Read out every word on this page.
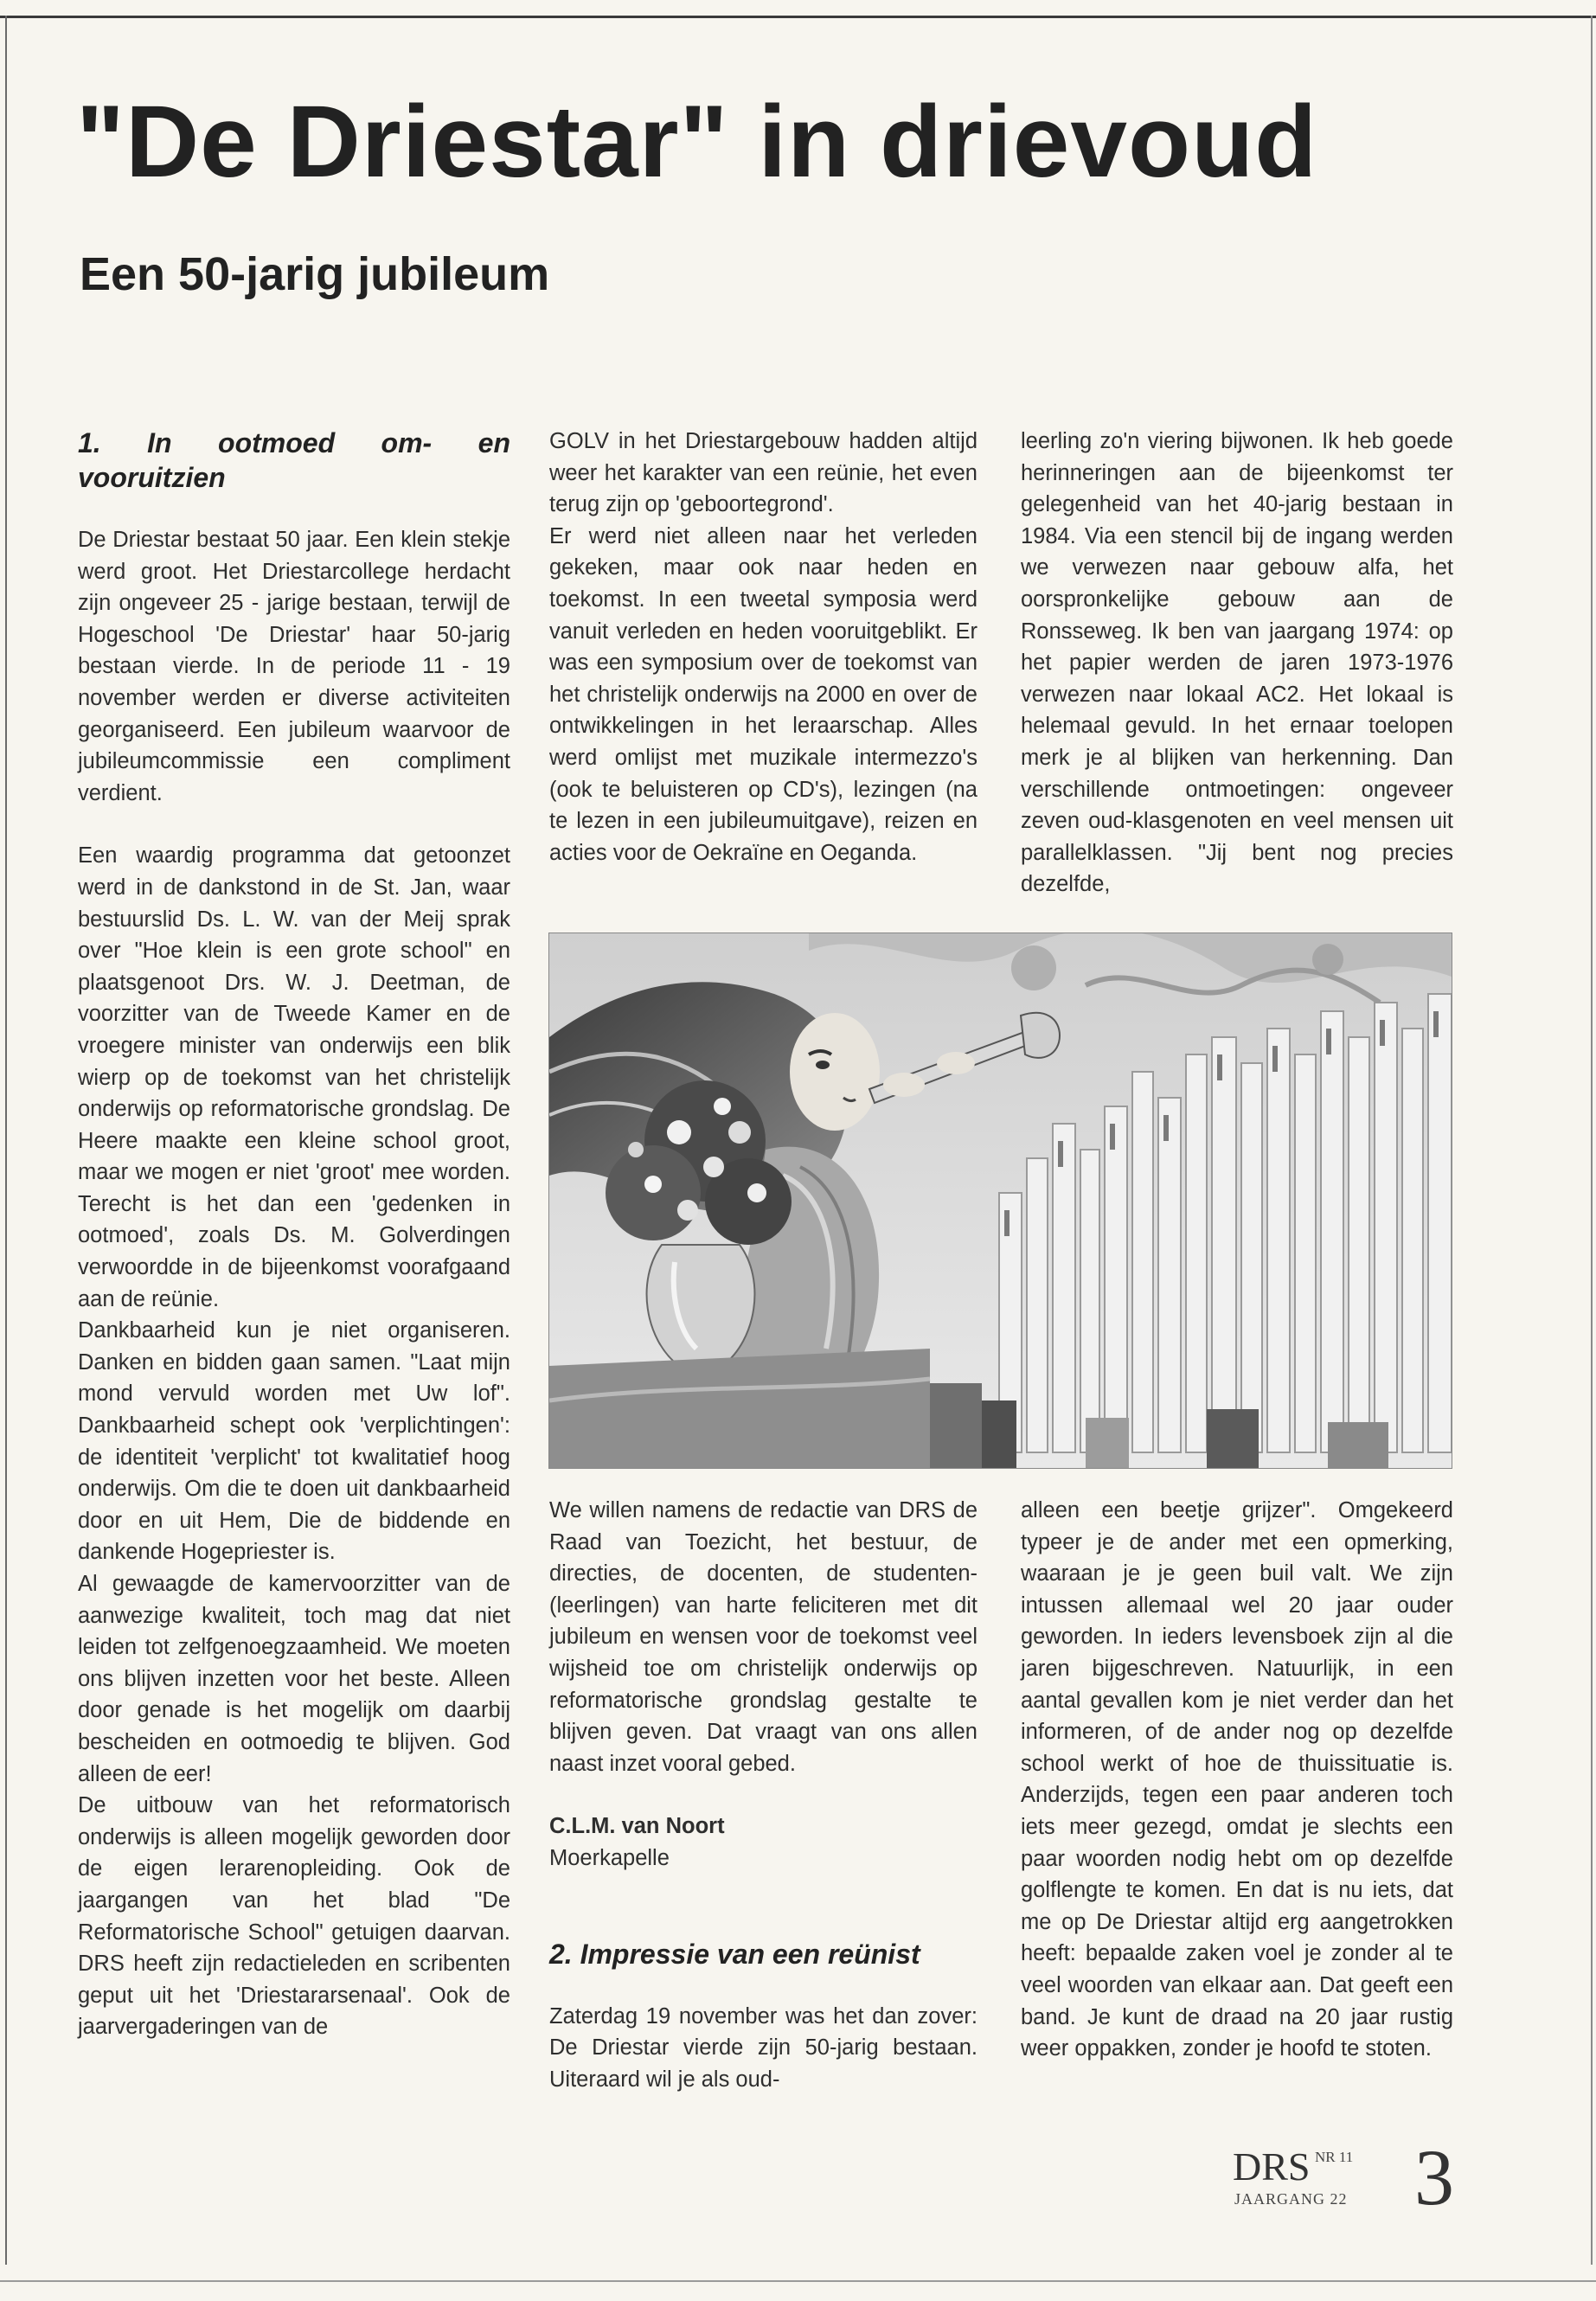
"De Driestar" in drievoud
Een 50-jarig jubileum
1. In ootmoed om- en vooruitzien

De Driestar bestaat 50 jaar. Een klein stekje werd groot. Het Driestarcollege herdacht zijn ongeveer 25 - jarige bestaan, terwijl de Hogeschool 'De Driestar' haar 50-jarig bestaan vierde. In de periode 11 - 19 november werden er diverse activiteiten georganiseerd. Een jubileum waarvoor de jubileumcommissie een compliment verdient.

Een waardig programma dat getoonzet werd in de dankstond in de St. Jan, waar bestuurslid Ds. L. W. van der Meij sprak over "Hoe klein is een grote school" en plaatsgenoot Drs. W. J. Deetman, de voorzitter van de Tweede Kamer en de vroegere minister van onderwijs een blik wierp op de toekomst van het christelijk onderwijs op reformatorische grondslag. De Heere maakte een kleine school groot, maar we mogen er niet 'groot' mee worden. Terecht is het dan een 'gedenken in ootmoed', zoals Ds. M. Golverdingen verwoordde in de bijeenkomst voorafgaand aan de reünie.

Dankbaarheid kun je niet organiseren. Danken en bidden gaan samen. "Laat mijn mond vervuld worden met Uw lof". Dankbaarheid schept ook 'verplichtingen': de identiteit 'verplicht' tot kwalitatief hoog onderwijs. Om die te doen uit dankbaarheid door en uit Hem, Die de biddende en dankende Hogepriester is.

Al gewaagde de kamervoorzitter van de aanwezige kwaliteit, toch mag dat niet leiden tot zelfgenoegzaamheid. We moeten ons blijven inzetten voor het beste. Alleen door genade is het mogelijk om daarbij bescheiden en ootmoedig te blijven. God alleen de eer!

De uitbouw van het reformatorisch onderwijs is alleen mogelijk geworden door de eigen lerarenopleiding. Ook de jaargangen van het blad "De Reformatorische School" getuigen daarvan. DRS heeft zijn redactieleden en scribenten geput uit het 'Driestararsenaal'. Ook de jaarvergaderingen van de

GOLV in het Driestargebouw hadden altijd weer het karakter van een reünie, het even terug zijn op 'geboortegrond'.

Er werd niet alleen naar het verleden gekeken, maar ook naar heden en toekomst. In een tweetal symposia werd vanuit verleden en heden vooruitgeblikt. Er was een symposium over de toekomst van het christelijk onderwijs na 2000 en over de ontwikkelingen in het leraarschap. Alles werd omlijst met muzikale intermezzo's (ook te beluisteren op CD's), lezingen (na te lezen in een jubileumuitgave), reizen en acties voor de Oekraïne en Oeganda.

leerling zo'n viering bijwonen. Ik heb goede herinneringen aan de bijeenkomst ter gelegenheid van het 40-jarig bestaan in 1984. Via een stencil bij de ingang werden we verwezen naar gebouw alfa, het oorspronkelijke gebouw aan de Ronsseweg. Ik ben van jaargang 1974: op het papier werden de jaren 1973-1976 verwezen naar lokaal AC2. Het lokaal is helemaal gevuld. In het ernaar toelopen merk je al blijken van herkenning. Dan verschillende ontmoetingen: ongeveer zeven oud-klasgenoten en veel mensen uit parallelklassen. "Jij bent nog precies dezelfde,

We willen namens de redactie van DRS de Raad van Toezicht, het bestuur, de directies, de docenten, de studenten-(leerlingen) van harte feliciteren met dit jubileum en wensen voor de toekomst veel wijsheid toe om christelijk onderwijs op reformatorische grondslag gestalte te blijven geven. Dat vraagt van ons allen naast inzet vooral gebed.

C.L.M. van Noort
Moerkapelle
2. Impressie van een reünist

Zaterdag 19 november was het dan zover: De Driestar vierde zijn 50-jarig bestaan. Uiteraard wil je als oud-

alleen een beetje grijzer". Omgekeerd typeer je de ander met een opmerking, waaraan je je geen buil valt. We zijn intussen allemaal wel 20 jaar ouder geworden. In ieders levensboek zijn al die jaren bijgeschreven. Natuurlijk, in een aantal gevallen kom je niet verder dan het informeren, of de ander nog op dezelfde school werkt of hoe de thuissituatie is. Anderzijds, tegen een paar anderen toch iets meer gezegd, omdat je slechts een paar woorden nodig hebt om op dezelfde golflengte te komen. En dat is nu iets, dat me op De Driestar altijd erg aangetrokken heeft: bepaalde zaken voel je zonder al te veel woorden van elkaar aan. Dat geeft een band. Je kunt de draad na 20 jaar rustig weer oppakken, zonder je hoofd te stoten.

DRS NR 11
JAARGANG 22 3
